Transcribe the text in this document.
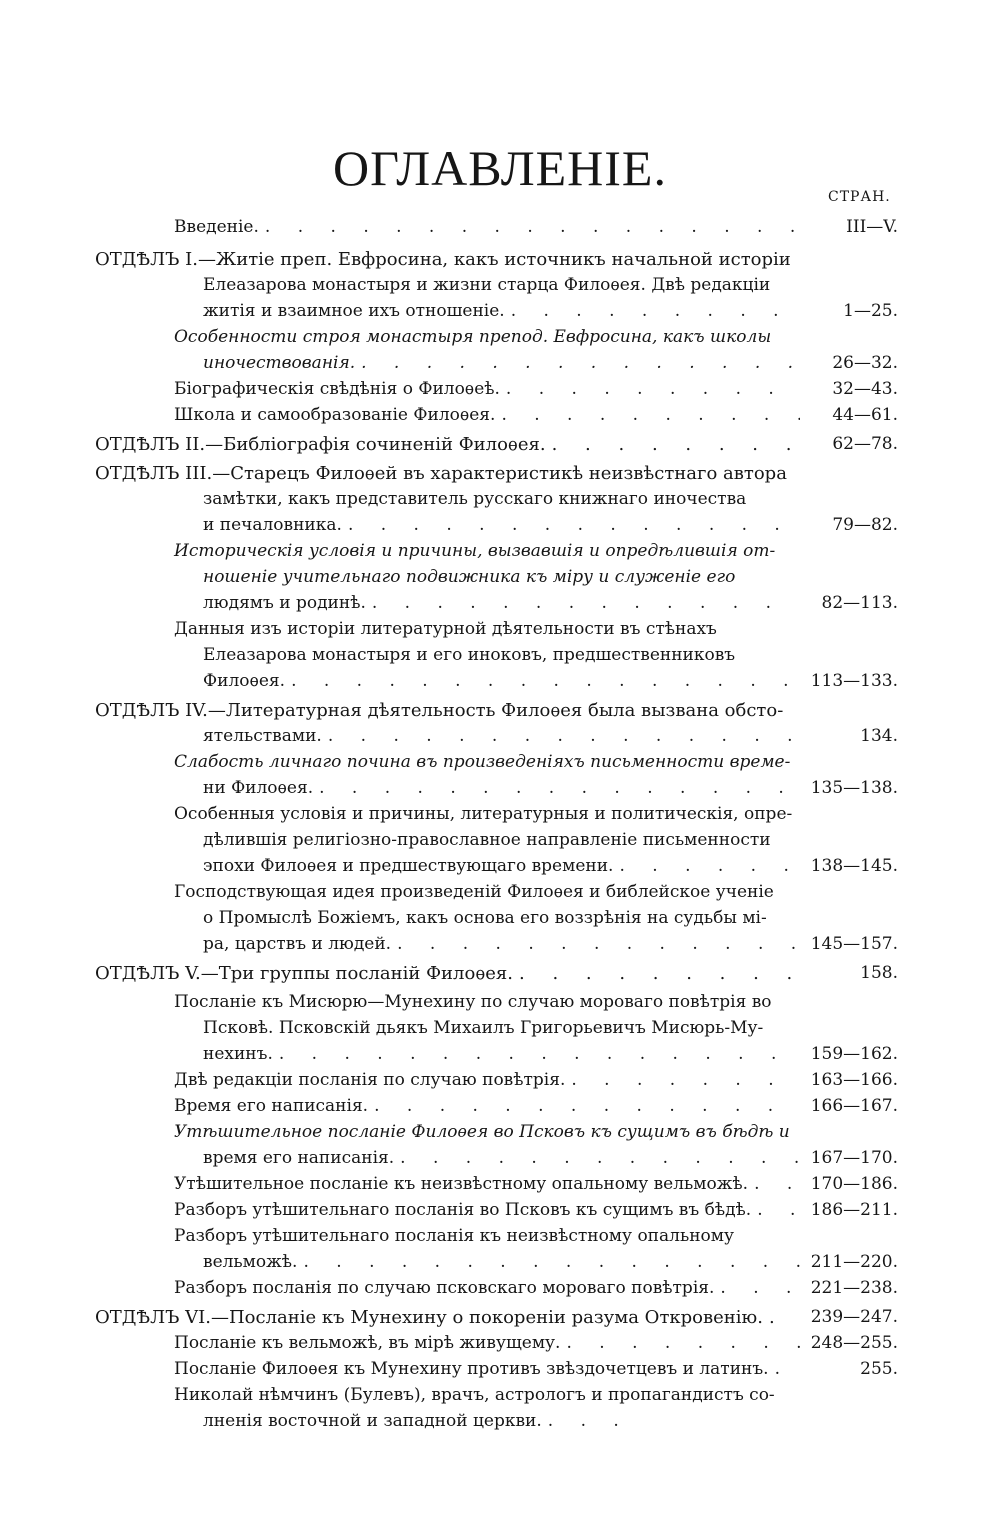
ОГЛАВЛЕНІЕ.
СТРАН.
Введеніе. . . .	III—V.
ОТДѢЛЪ I.—Житіе преп. Евфросина, какъ источникъ начальной исторіи
Елеазарова монастыря и жизни старца Филоѳея. Двѣ редакціи
житія и взаимное ихъ отношеніе. . . .	1—25.
Особенности строя монастыря препод. Евфросина, какъ школы
иночествованія. . . .	26—32.
Біографическія свѣдѣнія о Филоѳеѣ. . . .	32—43.
Школа и самообразованіе Филоѳея. . . .	44—61.
ОТДѢЛЪ II.—Библіографія сочиненій Филоѳея. . . .	62—78.
ОТДѢЛЪ III.—Старецъ Филоѳей въ характеристикѣ неизвѣстнаго автора
замѣтки, какъ представитель русскаго книжнаго иночества
и печаловника. . . .	79—82.
Историческія условія и причины, вызвавшія и опредѣлившія от-
ношеніе учительнаго подвижника къ міру и служеніе его
людямъ и родинѣ. . . .	82—113.
Данныя изъ исторіи литературной дѣятельности въ стѣнахъ
Елеазарова монастыря и его иноковъ, предшественниковъ
Филоѳея. . . .	113—133.
ОТДѢЛЪ IV.—Литературная дѣятельность Филоѳея была вызвана обсто-
ятельствами. . . .	134.
Слабость личнаго почина въ произведеніяхъ письменности време-
ни Филоѳея. . . .	135—138.
Особенныя условія и причины, литературныя и политическія, опре-
дѣлившія религіозно-православное направленіе письменности
эпохи Филоѳея и предшествующаго времени. . . .	138—145.
Господствующая идея произведеній Филоѳея и библейское ученіе
о Промыслѣ Божіемъ, какъ основа его воззрѣнія на судьбы мі-
ра, царствъ и людей. . . .	145—157.
ОТДѢЛЪ V.—Три группы посланій Филоѳея. . . .	158.
Посланіе къ Мисюрю—Мунехину по случаю моровaго повѣтрія во
Псковѣ. Псковскій дьякъ Михаилъ Григорьевичъ Мисюрь-Му-
нехинъ. . . .	159—162.
Двѣ редакціи посланія по случаю повѣтрія. . . .	163—166.
Время его написанія. . . .	166—167.
Утѣшительное посланіе Филоѳея во Псковъ къ сущимъ въ бѣдѣ и
время его написанія. . . .	167—170.
Утѣшительное посланіе къ неизвѣстному опальному вельможѣ. . . .	170—186.
Разборъ утѣшительнаго посланія во Псковъ къ сущимъ въ бѣдѣ. . . .	186—211.
Разборъ утѣшительнаго посланія къ неизвѣстному опальному
вельможѣ. . . .	211—220.
Разборъ посланія по случаю псковскаго мороваго повѣтрія. . . .	221—238.
ОТДѢЛЪ VI.—Посланіе къ Мунехину о покореніи разума Откровенію. . . .	239—247.
Посланіе къ вельможѣ, въ мірѣ живущему. . . .	248—255.
Посланіе Филоѳея къ Мунехину противъ звѣздочетцевъ и латинъ. . . .	255.
Николай нѣмчинъ (Булевъ), врачъ, астрологъ и пропагандистъ со-
лненія восточной и западной церкви.
. . .
